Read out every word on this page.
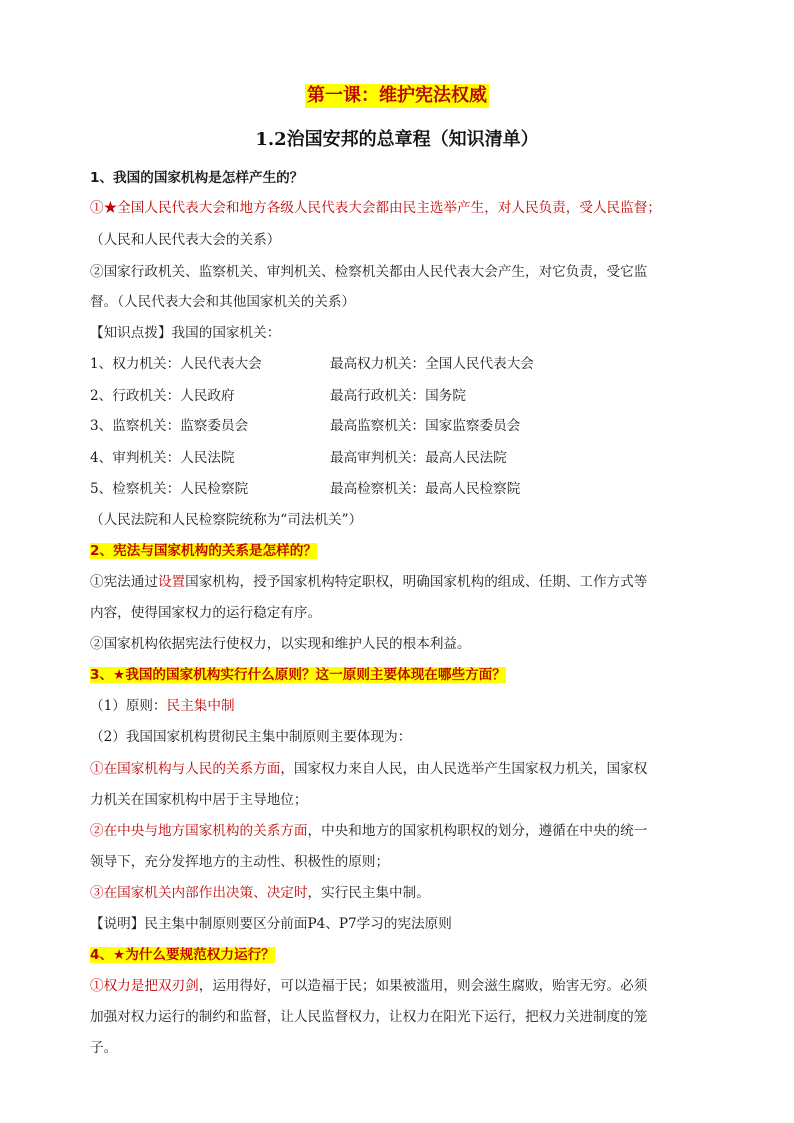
第一课：维护宪法权威
1.2治国安邦的总章程（知识清单）
1、我国的国家机构是怎样产生的？
①★全国人民代表大会和地方各级人民代表大会都由民主选举产生，对人民负责，受人民监督；
（人民和人民代表大会的关系）
②国家行政机关、监察机关、审判机关、检察机关都由人民代表大会产生，对它负责，受它监
督。（人民代表大会和其他国家机关的关系）
【知识点拨】我国的国家机关：
1、权力机关：人民代表大会	最高权力机关：全国人民代表大会
2、行政机关：人民政府	最高行政机关：国务院
3、监察机关：监察委员会	最高监察机关：国家监察委员会
4、审判机关：人民法院	最高审判机关：最高人民法院
5、检察机关：人民检察院	最高检察机关：最高人民检察院
（人民法院和人民检察院统称为“司法机关”）
2、宪法与国家机构的关系是怎样的？
①宪法通过设置国家机构，授予国家机构特定职权，明确国家机构的组成、任期、工作方式等
内容，使得国家权力的运行稳定有序。
②国家机构依据宪法行使权力，以实现和维护人民的根本利益。
3、★我国的国家机构实行什么原则？这一原则主要体现在哪些方面？
（1）原则：民主集中制
（2）我国国家机构贯彻民主集中制原则主要体现为：
①在国家机构与人民的关系方面，国家权力来自人民，由人民选举产生国家权力机关，国家权
力机关在国家机构中居于主导地位；
②在中央与地方国家机构的关系方面，中央和地方的国家机构职权的划分，遵循在中央的统一
领导下，充分发挥地方的主动性、积极性的原则；
③在国家机关内部作出决策、决定时，实行民主集中制。
【说明】民主集中制原则要区分前面P4、P7学习的宪法原则
4、★为什么要规范权力运行？
①权力是把双刃剑，运用得好，可以造福于民；如果被滥用，则会滋生腐败，贻害无穷。必须
加强对权力运行的制约和监督，让人民监督权力，让权力在阳光下运行，把权力关进制度的笼
子。
